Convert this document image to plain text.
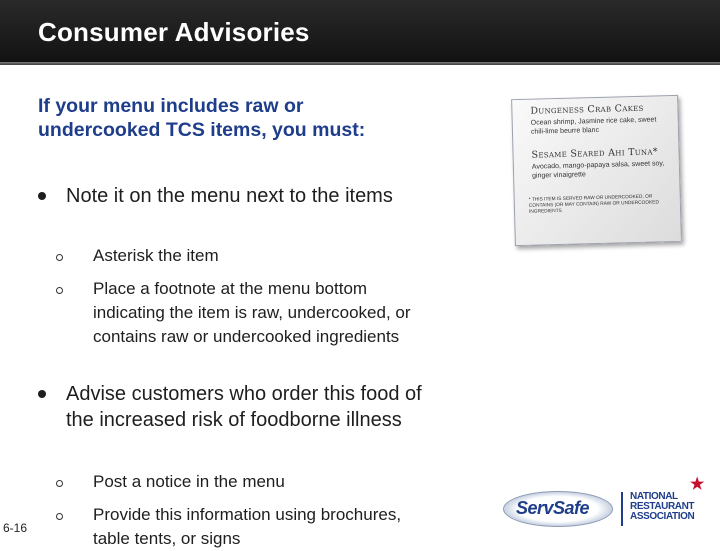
Consumer Advisories
If your menu includes raw or undercooked TCS items, you must:
Note it on the menu next to the items
Asterisk the item
Place a footnote at the menu bottom indicating the item is raw, undercooked, or contains raw or undercooked ingredients
Advise customers who order this food of the increased risk of foodborne illness
Post a notice in the menu
Provide this information using brochures, table tents, or signs
Dungeness Crab Cakes
Ocean shrimp, Jasmine rice cake, sweet chili-lime beurre blanc
Sesame Seared Ahi Tuna*
Avocado, mango-papaya salsa, sweet soy, ginger vinaigrette
* THIS ITEM IS SERVED RAW OR UNDERCOOKED, OR CONTAINS (OR MAY CONTAIN) RAW OR UNDERCOOKED INGREDIENTS
6-16
ServSafe
★
NATIONAL
RESTAURANT
ASSOCIATION
